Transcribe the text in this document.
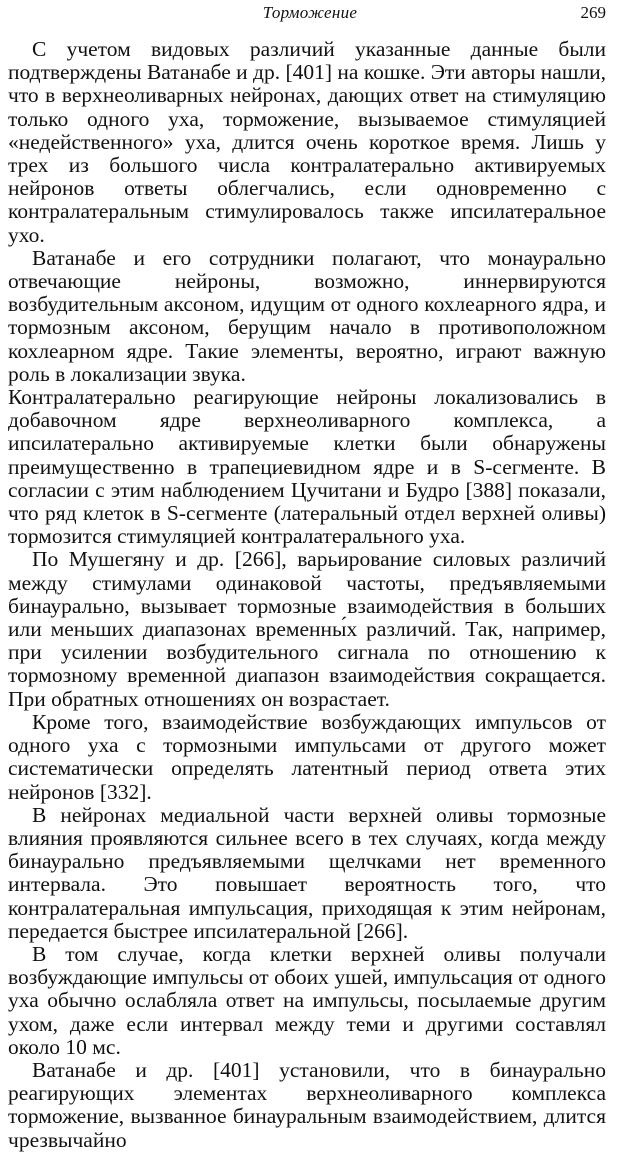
Торможение	269

С учетом видовых различий указанные данные были подтверждены Ватанабе и др. [401] на кошке. Эти авторы нашли, что в верхнеоливарных нейронах, дающих ответ на стимуляцию только одного уха, торможение, вызываемое стимуляцией «недейственного» уха, длится очень короткое время. Лишь у трех из большого числа контралатерально активируемых нейронов ответы облегчались, если одновременно с контралатеральным стимулировалось также ипсилатеральное ухо.

Ватанабе и его сотрудники полагают, что монаурально отвечающие нейроны, возможно, иннервируются возбудительным аксоном, идущим от одного кохлеарного ядра, и тормозным аксоном, берущим начало в противоположном кохлеарном ядре. Такие элементы, вероятно, играют важную роль в локализации звука.

Контралатерально реагирующие нейроны локализовались в добавочном ядре верхнеоливарного комплекса, а ипсилатерально активируемые клетки были обнаружены преимущественно в трапециевидном ядре и в S-сегменте. В согласии с этим наблюдением Цучитани и Будро [388] показали, что ряд клеток в S-сегменте (латеральный отдел верхней оливы) тормозится стимуляцией контралатерального уха.

По Мушегяну и др. [266], варьирование силовых различий между стимулами одинаковой частоты, предъявляемыми бинаурально, вызывает тормозные взаимодействия в больших или меньших диапазонах временны́х различий. Так, например, при усилении возбудительного сигнала по отношению к тормозному временной диапазон взаимодействия сокращается. При обратных отношениях он возрастает.

Кроме того, взаимодействие возбуждающих импульсов от одного уха с тормозными импульсами от другого может систематически определять латентный период ответа этих нейронов [332].

В нейронах медиальной части верхней оливы тормозные влияния проявляются сильнее всего в тех случаях, когда между бинаурально предъявляемыми щелчками нет временно́го интервала. Это повышает вероятность того, что контралатеральная импульсация, приходящая к этим нейронам, передается быстрее ипсилатеральной [266].

В том случае, когда клетки верхней оливы получали возбуждающие импульсы от обоих ушей, импульсация от одного уха обычно ослабляла ответ на импульсы, посылаемые другим ухом, даже если интервал между теми и другими составлял около 10 мс.

Ватанабе и др. [401] установили, что в бинаурально реагирующих элементах верхнеоливарного комплекса торможение, вызванное бинауральным взаимодействием, длится чрезвычайно
